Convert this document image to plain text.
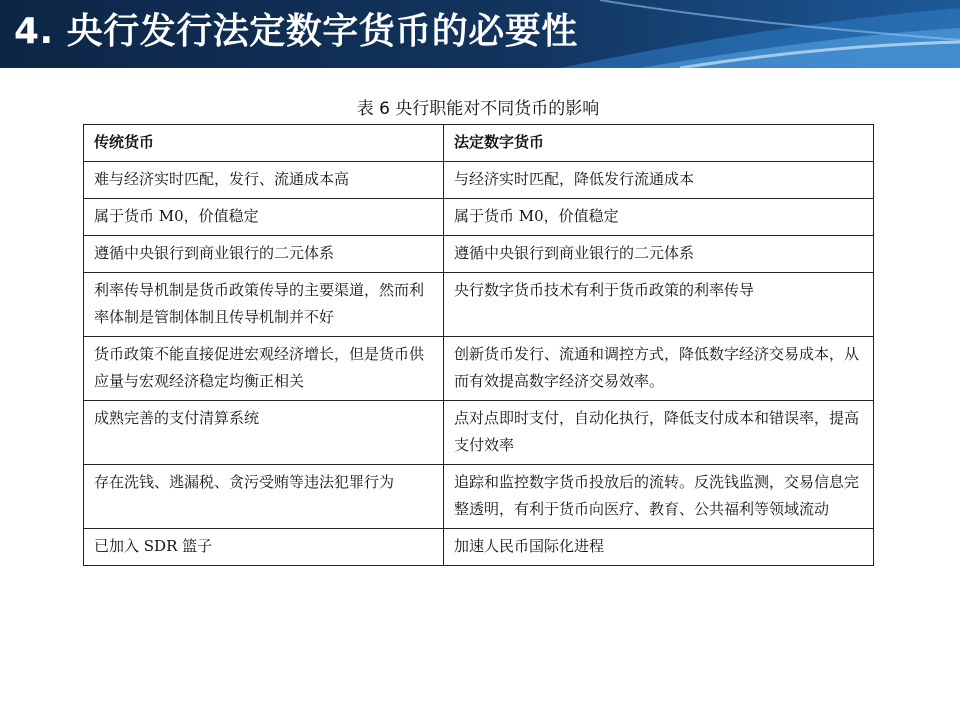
4. 央行发行法定数字货币的必要性
表 6 央行职能对不同货币的影响
传统货币	法定数字货币
难与经济实时匹配，发行、流通成本高	与经济实时匹配，降低发行流通成本
属于货币 M0，价值稳定	属于货币 M0，价值稳定
遵循中央银行到商业银行的二元体系	遵循中央银行到商业银行的二元体系
利率传导机制是货币政策传导的主要渠道，然而利率体制是管制体制且传导机制并不好	央行数字货币技术有利于货币政策的利率传导
货币政策不能直接促进宏观经济增长，但是货币供应量与宏观经济稳定均衡正相关	创新货币发行、流通和调控方式，降低数字经济交易成本，从而有效提高数字经济交易效率。
成熟完善的支付清算系统	点对点即时支付，自动化执行，降低支付成本和错误率，提高支付效率
存在洗钱、逃漏税、贪污受贿等违法犯罪行为	追踪和监控数字货币投放后的流转。反洗钱监测，交易信息完整透明，有利于货币向医疗、教育、公共福利等领域流动
已加入 SDR 篮子	加速人民币国际化进程
